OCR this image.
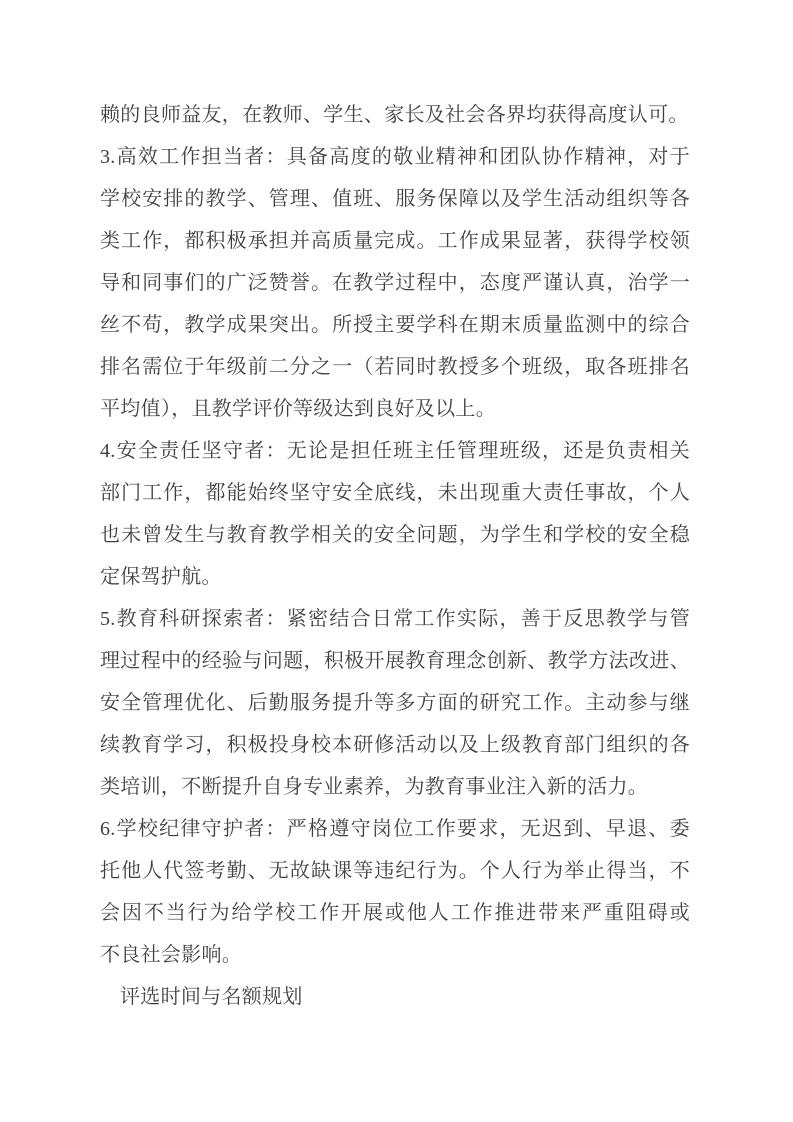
赖的良师益友，在教师、学生、家长及社会各界均获得高度认可。
3.高效工作担当者：具备高度的敬业精神和团队协作精神，对于
学校安排的教学、管理、值班、服务保障以及学生活动组织等各
类工作，都积极承担并高质量完成。工作成果显著，获得学校领
导和同事们的广泛赞誉。在教学过程中，态度严谨认真，治学一
丝不苟，教学成果突出。所授主要学科在期末质量监测中的综合
排名需位于年级前二分之一（若同时教授多个班级，取各班排名
平均值），且教学评价等级达到良好及以上。
4.安全责任坚守者：无论是担任班主任管理班级，还是负责相关
部门工作，都能始终坚守安全底线，未出现重大责任事故，个人
也未曾发生与教育教学相关的安全问题，为学生和学校的安全稳
定保驾护航。
5.教育科研探索者：紧密结合日常工作实际，善于反思教学与管
理过程中的经验与问题，积极开展教育理念创新、教学方法改进、
安全管理优化、后勤服务提升等多方面的研究工作。主动参与继
续教育学习，积极投身校本研修活动以及上级教育部门组织的各
类培训，不断提升自身专业素养，为教育事业注入新的活力。
6.学校纪律守护者：严格遵守岗位工作要求，无迟到、早退、委
托他人代签考勤、无故缺课等违纪行为。个人行为举止得当，不
会因不当行为给学校工作开展或他人工作推进带来严重阻碍或
不良社会影响。
评选时间与名额规划
